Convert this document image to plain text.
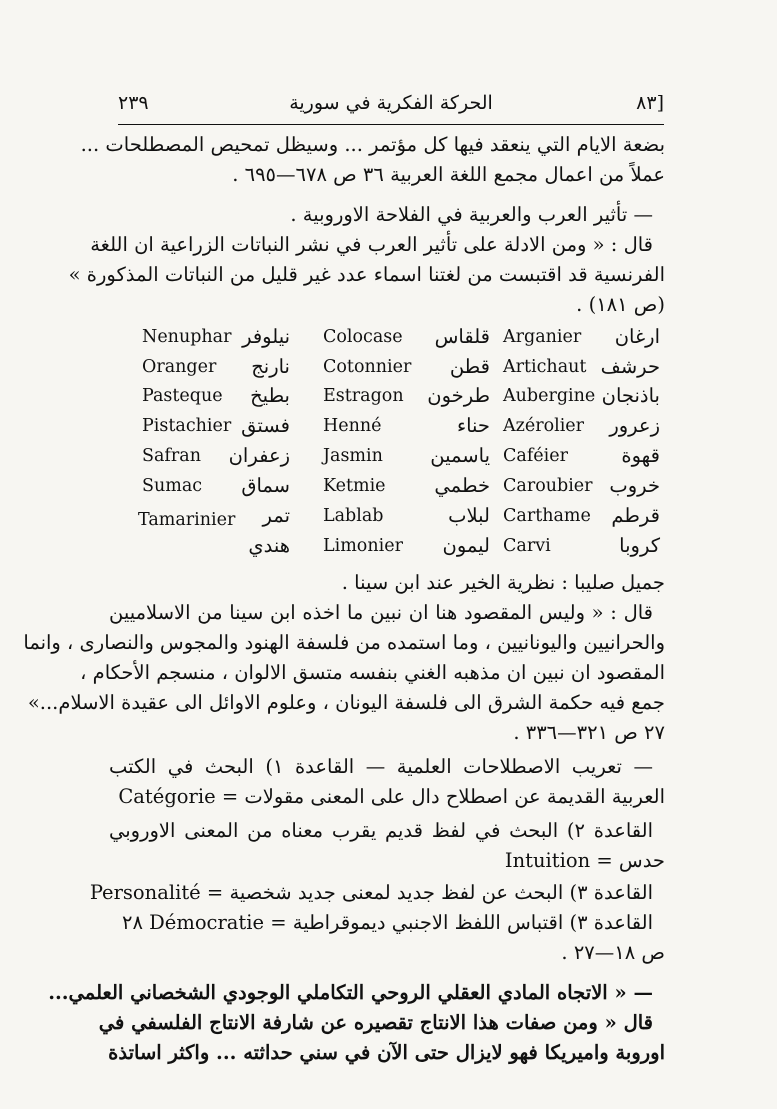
٢٣٩	الحركة الفكرية في سورية	[٨٣
بضعة الايام التي ينعقد فيها كل مؤتمر ... وسيظل تمحيص المصطلحات ...
عملاً من اعمال مجمع اللغة العربية ٣٦ ص ٦٧٨—٦٩٥ .
— تأثير العرب والعربية في الفلاحة الاوروبية .
قال : « ومن الادلة على تأثير العرب في نشر النباتات الزراعية ان اللغة
الفرنسية قد اقتبست من لغتنا اسماء عدد غير قليل من النباتات المذكورة »
(ص ١٨١) .
ارغان
Arganier
حرشف
Artichaut
باذنجان
Aubergine
زعرور
Azérolier
قهوة
Caféier
خروب
Caroubier
قرطم
Carthame
كروبا
Carvi
قلقاس
Colocase
قطن
Cotonnier
طرخون
Estragon
حناء
Henné
ياسمين
Jasmin
خطمي
Ketmie
لبلاب
Lablab
ليمون
Limonier
نيلوفر
Nenuphar
نارنج
Oranger
بطيخ
Pasteque
فستق
Pistachier
زعفران
Safran
سماق
Sumac
تمر
Tamarinier
هندي
جميل صليبا : نظرية الخير عند ابن سينا .
قال : « وليس المقصود هنا ان نبين ما اخذه ابن سينا من الاسلاميين
والحرانيين واليونانيين ، وما استمده من فلسفة الهنود والمجوس والنصارى ، وانما
المقصود ان نبين ان مذهبه الغني بنفسه متسق الالوان ، منسجم الأحكام ،
جمع فيه حكمة الشرق الى فلسفة اليونان ، وعلوم الاوائل الى عقيدة الاسلام...»
٢٧ ص ٣٢١—٣٣٦ .
— تعريب الاصطلاحات العلمية — القاعدة ١) البحث في الكتب
العربية القديمة عن اصطلاح دال على المعنى مقولات = Catégorie
القاعدة ٢) البحث في لفظ قديم يقرب معناه من المعنى الاوروبي
حدس = Intuition
القاعدة ٣) البحث عن لفظ جديد لمعنى جديد شخصية = Personalité
القاعدة ٣) اقتباس اللفظ الاجنبي ديموقراطية = Démocratie ٢٨
ص ١٨—٢٧ .
— « الاتجاه المادي العقلي الروحي التكاملي الوجودي الشخصاني العلمي...
قال « ومن صفات هذا الانتاج تقصيره عن شارفة الانتاج الفلسفي في
اوروبة واميريكا فهو لايزال حتى الآن في سني حداثته ... واكثر اساتذة
